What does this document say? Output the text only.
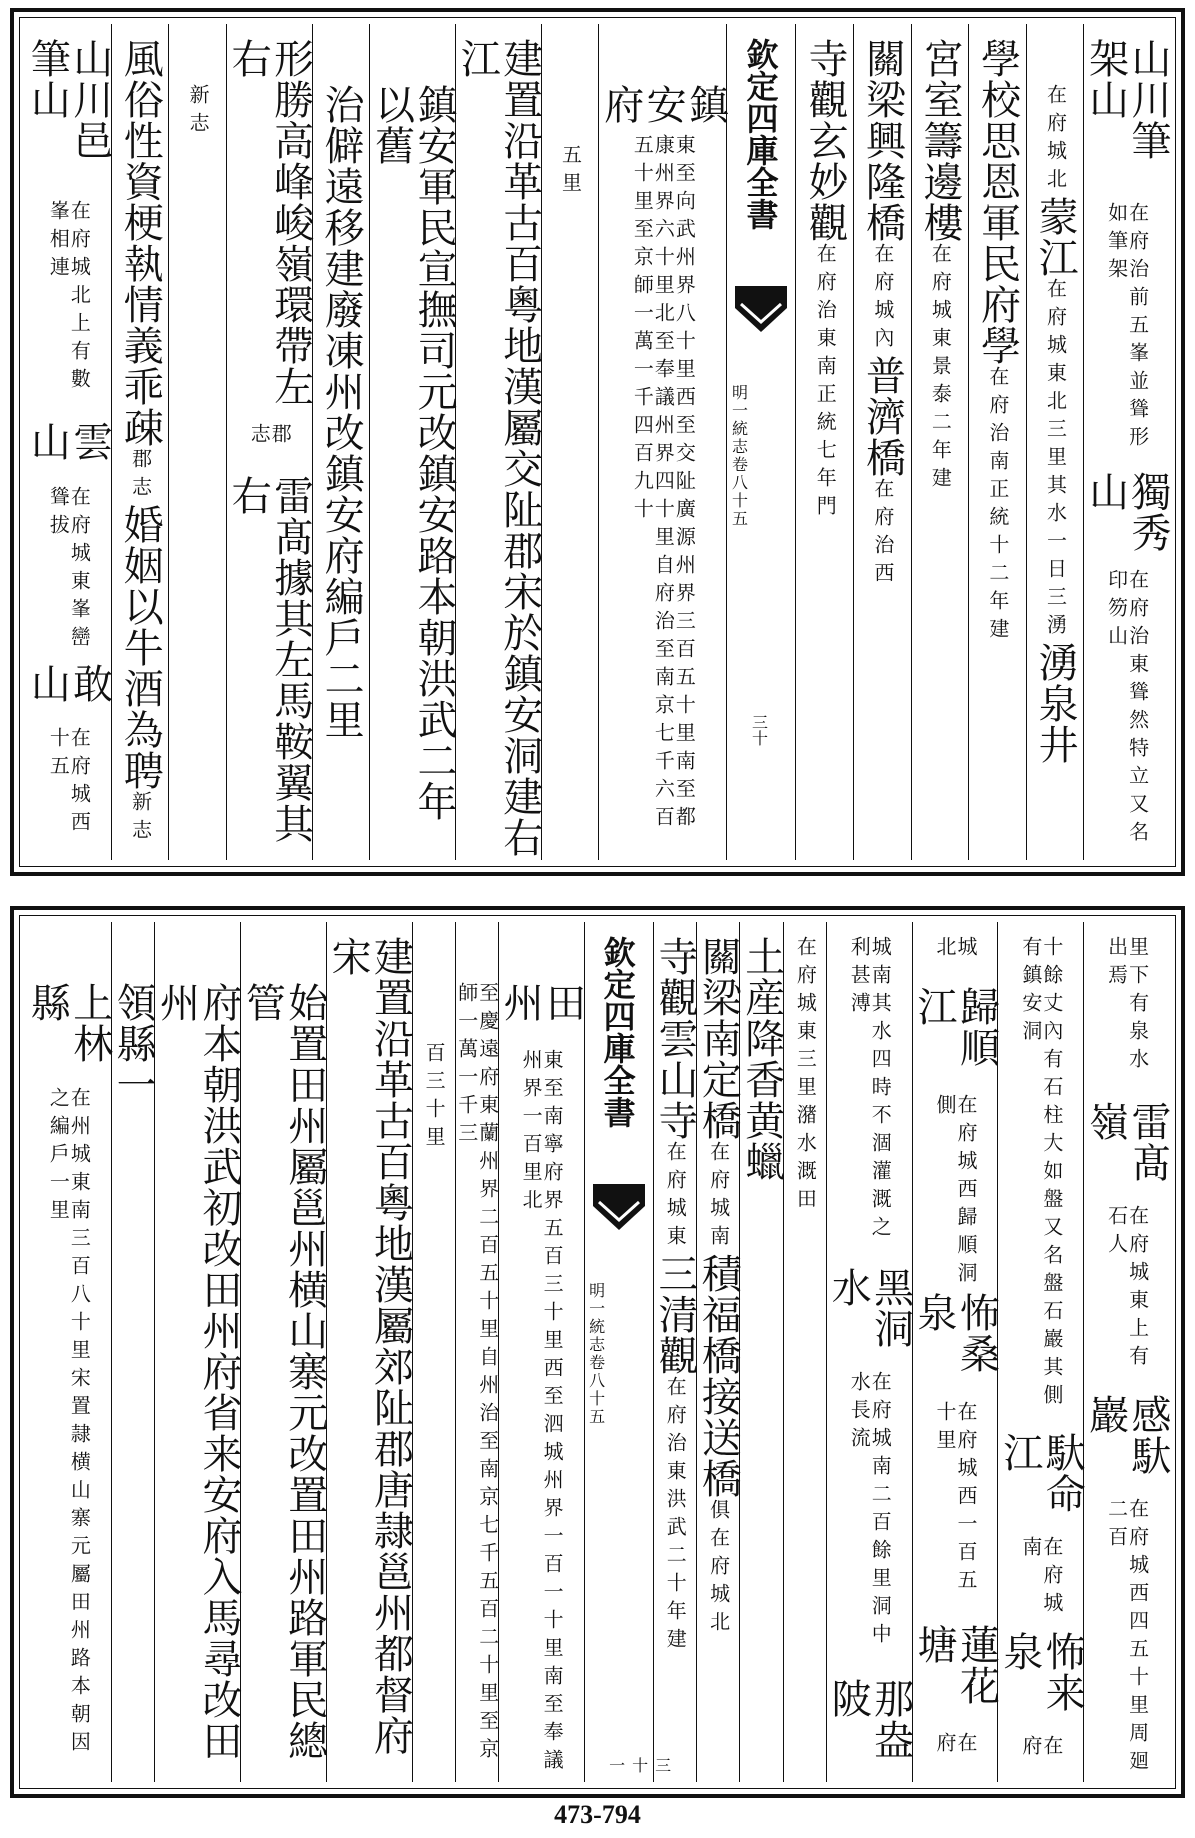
山川筆架山
在府治前五峯並聳形如筆架
獨秀山
在府治東聳然特立又名印笏山
在府城北
蒙江
在府城東北三里其水一日三湧
湧泉井
學校思恩軍民府學
在府治南正統十二年建
宮室籌邊樓
在府城東景泰二年建
關梁興隆橋
在府城內
普濟橋
在府治西
寺觀玄妙觀
在府治東南正統七年門
欽定四庫全書
明一統志卷八十五
三十
鎮安府
東至向武州界八十里西至交阯廣源州界三百五十里南至都康州界六十里北至奉議州界四十里自府治至南京七千六百五十里至京師一萬一千四百九十
五里
建置沿革古百粵地漢屬交阯郡宋於鎮安洞建右江
鎮安軍民宣撫司元改鎮安路本朝洪武二年以舊
治僻遠移建廢凍州改鎮安府編戶二里
形勝高峰峻嶺環帶左右
郡志
雷髙據其左馬鞍翼其右
新志
風俗性資梗執情義乖疎
郡志
婚姻以牛酒為聘
新志
山川邑筆山
在府城北上有數峯相連
雲山
在府城東峯巒聳拔
敢山
在府城西十五
里下有泉水出焉
雷髙嶺
在府城東上有石人
感馱巖
在府城西四五十里周廻二百
十餘丈內有石柱大如盤又名盤石巖其側有鎮安洞
馱命江
在府城南
怖来泉
在府
城北
歸順江
在府城西歸順洞側
怖桑泉
在府城西一百五十里
蓮花塘
在府
城南其水四時不涸灌溉之利甚溥
黑洞水
在府城南二百餘里洞中水長流
那盎陂
在府城東三里潴水溉田
土産降香
黄蠟
關梁南定橋
在府城南
積福橋
接送橋
俱在府城北
寺觀雲山寺
在府城東
三清觀
在府治東洪武二十年建
欽定四庫全書
明一統志卷八十五
三十一
田州
東至南寧府界五百三十里西至泗城州界一百一十里南至奉議州界一百里北
至慶遠府東蘭州界二百五十里自州治至南京七千五百二十里至京師一萬一千三
百三十里
建置沿革古百粵地漢屬郊阯郡唐隷邕州都督府宋
始置田州屬邕州横山寨元改置田州路軍民總管
府本朝洪武初改田州府省来安府入馬尋改田州
領縣一
上林縣
在州城東南三百八十里宋置隷横山寨元屬田州路本朝因之編戶一里
473-794
